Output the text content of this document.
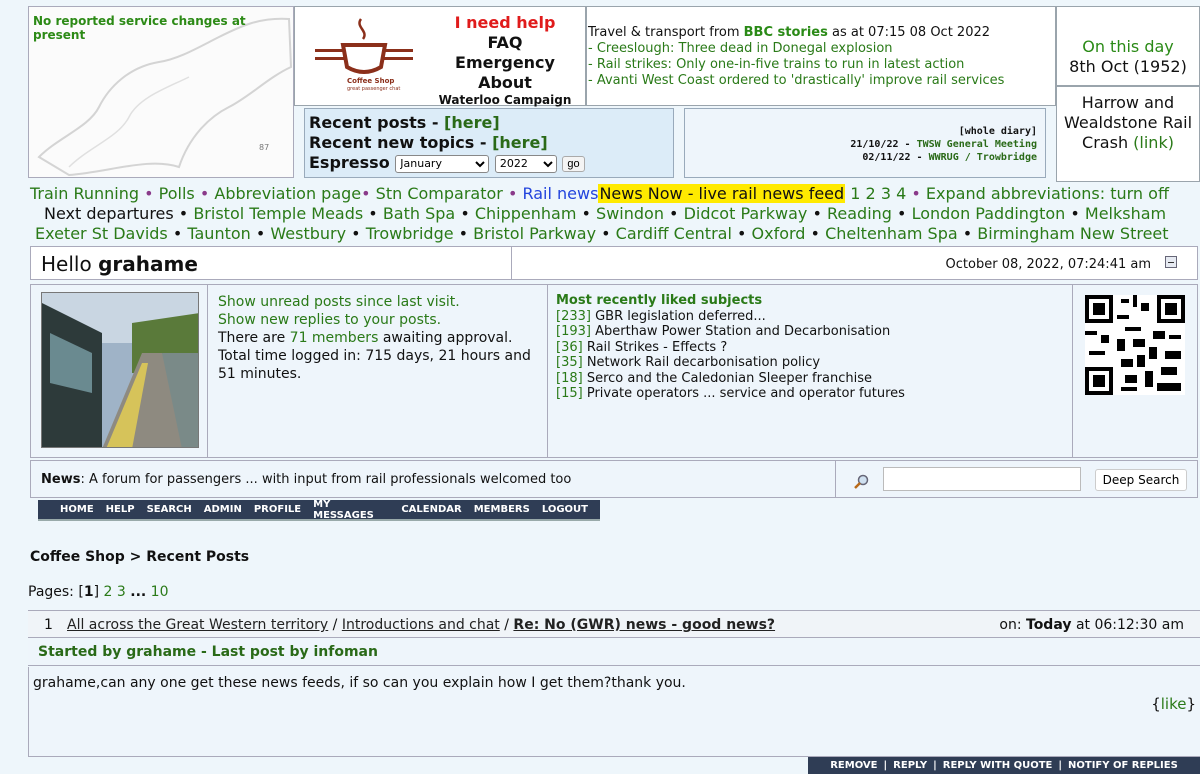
No reported service changes at present
87
Coffee Shop
great passenger chat
I need help
FAQ
Emergency
About
Waterloo Campaign
Travel & transport from BBC stories as at 07:15 08 Oct 2022
- Creeslough: Three dead in Donegal explosion
- Rail strikes: Only one-in-five trains to run in latest action
- Avanti West Coast ordered to 'drastically' improve rail services
On this day
8th Oct (1952)
Harrow and Wealdstone Rail Crash (link)
Recent posts - [here]
Recent new topics - [here]
Espresso
January
2022	go
[whole diary]
21/10/22 - TWSW General Meeting
02/11/22 - WWRUG / Trowbridge
Train Running • Polls • Abbreviation page• Stn Comparator • Rail newsNews Now - live rail news feed 1 2 3 4 • Expand abbreviations: turn off
Next departures • Bristol Temple Meads • Bath Spa • Chippenham • Swindon • Didcot Parkway • Reading • London Paddington • Melksham
Exeter St Davids • Taunton • Westbury • Trowbridge • Bristol Parkway • Cardiff Central • Oxford • Cheltenham Spa • Birmingham New Street
Hello grahame	October 08, 2022, 07:24:41 am
Show unread posts since last visit.
Show new replies to your posts.
There are 71 members awaiting approval.
Total time logged in: 715 days, 21 hours and 51 minutes.
Most recently liked subjects
[233] GBR legislation deferred...
[193] Aberthaw Power Station and Decarbonisation
[36] Rail Strikes - Effects ?
[35] Network Rail decarbonisation policy
[18] Serco and the Caledonian Sleeper franchise
[15] Private operators ... service and operator futures
News: A forum for passengers ... with input from rail professionals welcomed too	Deep Search
HOME HELP SEARCH ADMIN PROFILE MY MESSAGES	CALENDAR MEMBERS LOGOUT
Coffee Shop > Recent Posts
Pages: [1] 2 3 ... 10
1 All across the Great Western territory / Introductions and chat / Re: No (GWR) news - good news?	on: Today at 06:12:30 am
Started by grahame - Last post by infoman
grahame,can any one get these news feeds, if so can you explain how I get them?thank you.
{like}
REMOVE | REPLY | REPLY WITH QUOTE | NOTIFY OF REPLIES
